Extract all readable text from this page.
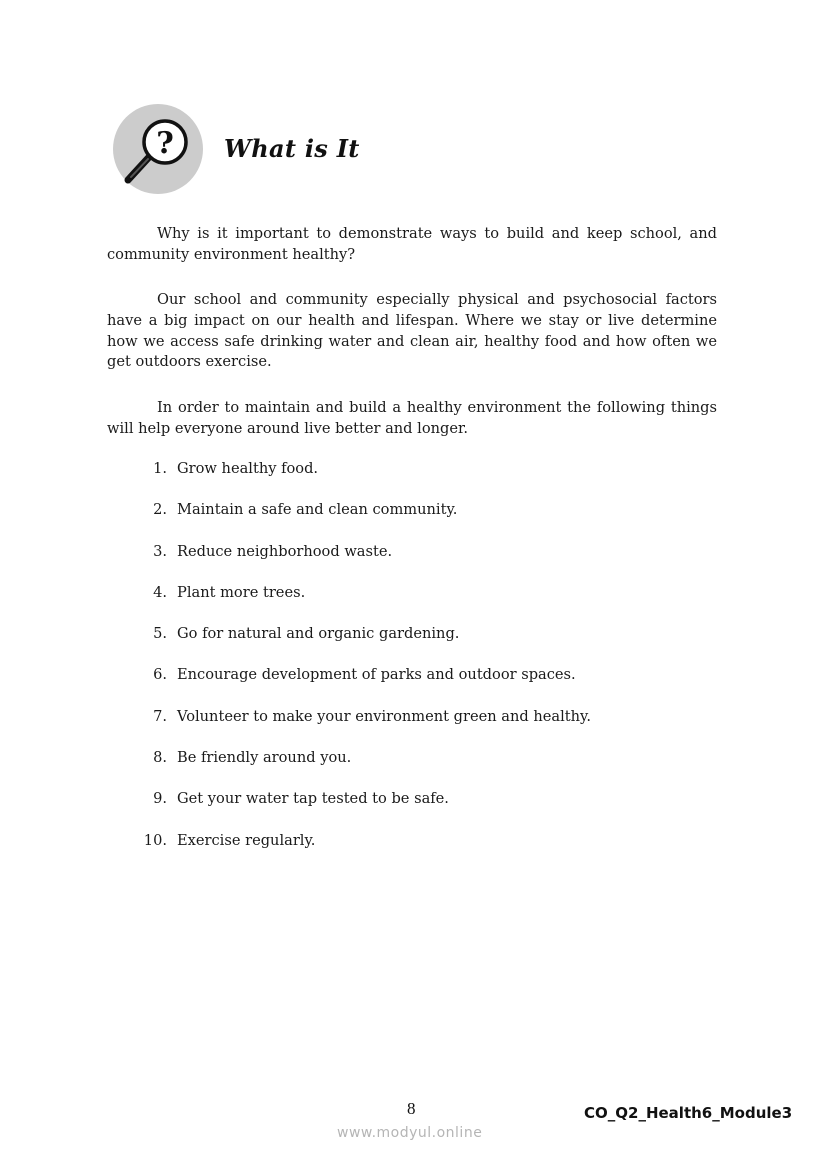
? What is It
Why is it important to demonstrate ways to build and keep school, and community environment healthy?
Our school and community especially physical and psychosocial factors have a big impact on our health and lifespan. Where we stay or live determine how we access safe drinking water and clean air, healthy food and how often we get outdoors exercise.
In order to maintain and build a healthy environment the following things will help everyone around live better and longer.
1. Grow healthy food.
2. Maintain a safe and clean community.
3. Reduce neighborhood waste.
4. Plant more trees.
5. Go for natural and organic gardening.
6. Encourage development of parks and outdoor spaces.
7. Volunteer to make your environment green and healthy.
8. Be friendly around you.
9. Get your water tap tested to be safe.
10. Exercise regularly.
8	CO_Q2_Health6_Module3
www.modyul.online
